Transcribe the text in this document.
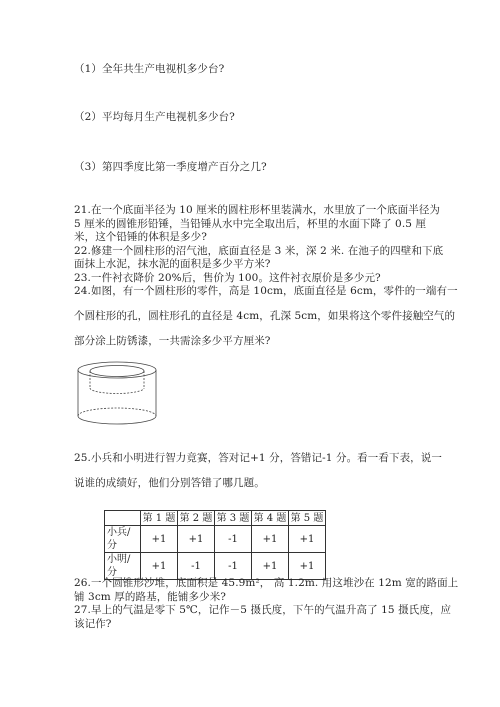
（1）全年共生产电视机多少台?
（2）平均每月生产电视机多少台?
（3）第四季度比第一季度增产百分之几?
21.在一个底面半径为 10 厘米的圆柱形杯里装满水，水里放了一个底面半径为
5 厘米的圆锥形铅锤，当铅锤从水中完全取出后，杯里的水面下降了 0.5 厘
米，这个铅锤的体积是多少?
22.修建一个圆柱形的沼气池，底面直径是 3 米，深 2 米. 在池子的四壁和下底
面抹上水泥，抹水泥的面积是多少平方米?
23.一件衬衣降价 20%后，售价为 100。这件衬衣原价是多少元?
24.如图，有一个圆柱形的零件，高是 10cm，底面直径是 6cm，零件的一端有一
个圆柱形的孔，圆柱形孔的直径是 4cm，孔深 5cm，如果将这个零件接触空气的
部分涂上防锈漆，一共需涂多少平方厘米?
25.小兵和小明进行智力竟赛，答对记+1 分，答错记-1 分。看一看下表，说一
说谁的成绩好，他们分别答错了哪几题。
	第 1 题	第 2 题	第 3 题	第 4 题	第 5 题
小兵/分	+1	+1	-1	+1	+1
小明/分	+1	-1	-1	+1	+1
26.一个圆锥形沙堆，底面积是 45.9m²， 高 1.2m. 用这堆沙在 12m 宽的路面上
铺 3cm 厚的路基，能铺多少米?
27.早上的气温是零下 5℃，记作－5 摄氏度，下午的气温升高了 15 摄氏度，应
该记作?
